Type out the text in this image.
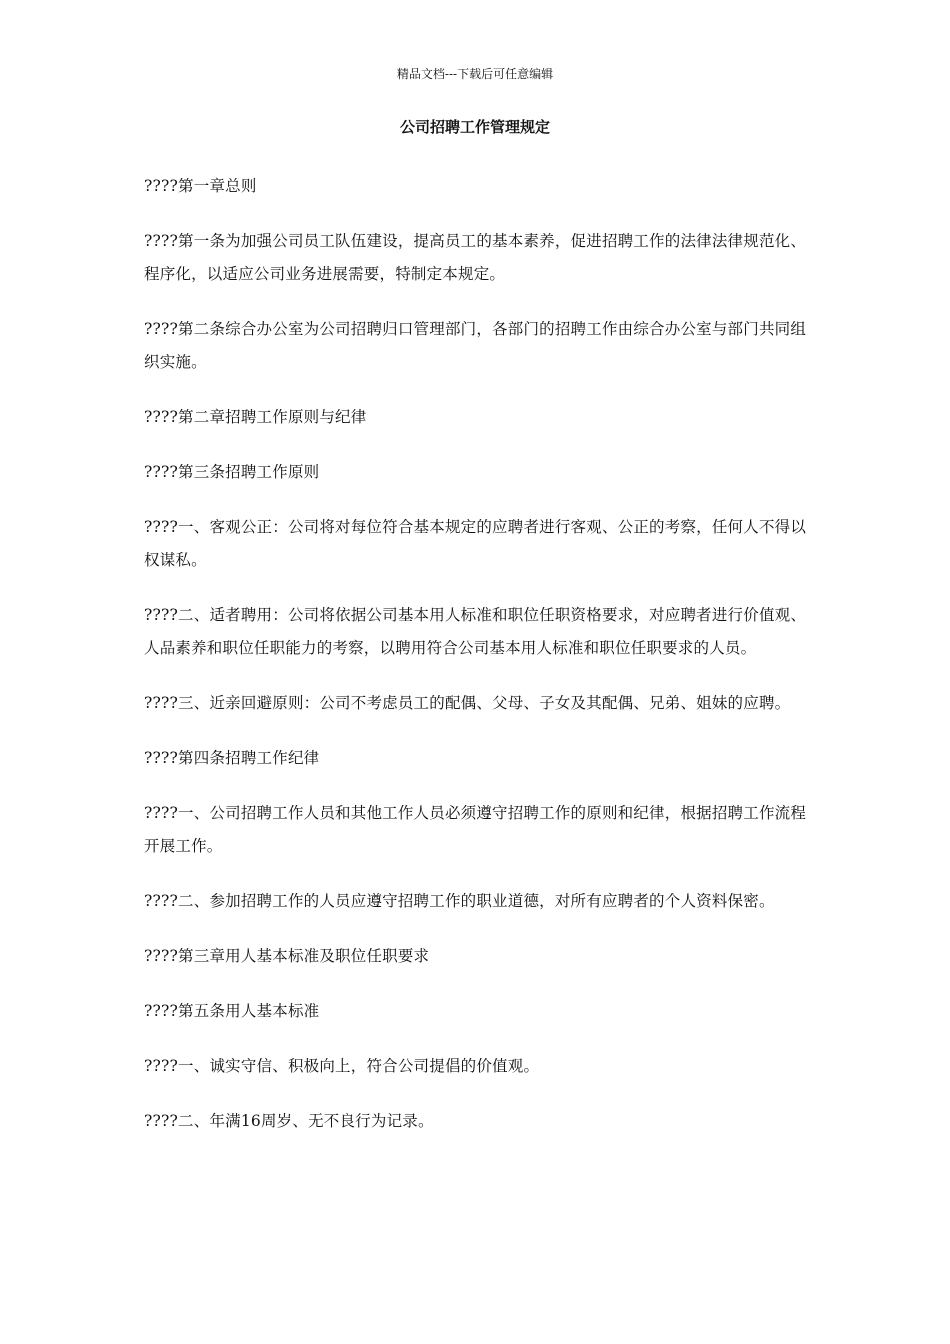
精品文档---下载后可任意编辑
公司招聘工作管理规定

????第一章总则

????第一条为加强公司员工队伍建设，提高员工的基本素养，促进招聘工作的法律法律规范化、程序化，以适应公司业务进展需要，特制定本规定。

????第二条综合办公室为公司招聘归口管理部门，各部门的招聘工作由综合办公室与部门共同组织实施。

????第二章招聘工作原则与纪律

????第三条招聘工作原则

????一、客观公正：公司将对每位符合基本规定的应聘者进行客观、公正的考察，任何人不得以权谋私。

????二、适者聘用：公司将依据公司基本用人标准和职位任职资格要求，对应聘者进行价值观、人品素养和职位任职能力的考察，以聘用符合公司基本用人标准和职位任职要求的人员。

????三、近亲回避原则：公司不考虑员工的配偶、父母、子女及其配偶、兄弟、姐妹的应聘。

????第四条招聘工作纪律

????一、公司招聘工作人员和其他工作人员必须遵守招聘工作的原则和纪律，根据招聘工作流程开展工作。

????二、参加招聘工作的人员应遵守招聘工作的职业道德，对所有应聘者的个人资料保密。

????第三章用人基本标准及职位任职要求

????第五条用人基本标准

????一、诚实守信、积极向上，符合公司提倡的价值观。

????二、年满16周岁、无不良行为记录。
